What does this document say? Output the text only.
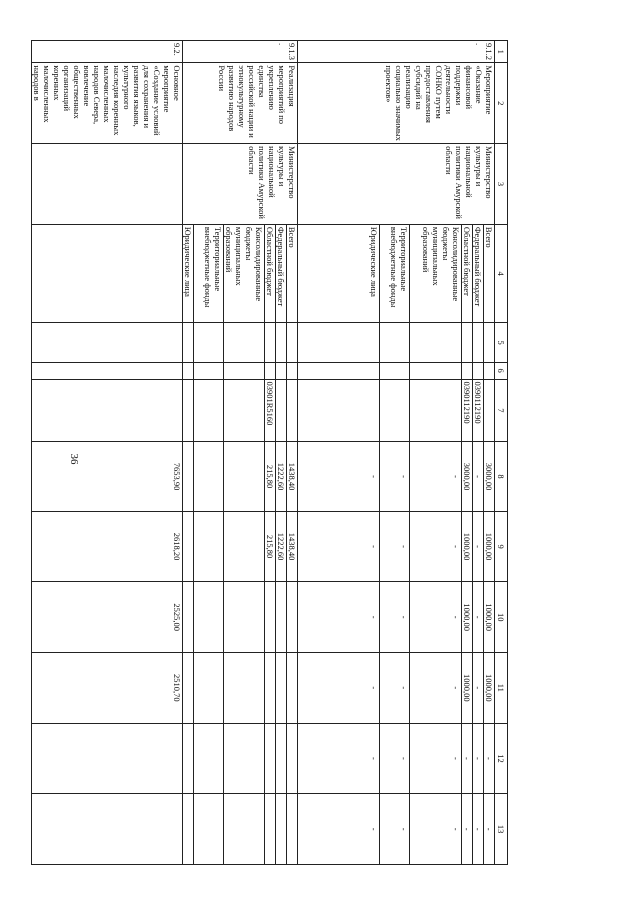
36
1	2	3	4	5	6	7	8	9	10	11	12	13
9.1.2.	Мероприятие «Оказание финансовой поддержки деятельности СОНКО путем предоставления субсидий на реализацию социально значимых проектов»	Министерство культуры и национальной политики Амурской области	Всего				3000,00	1000,00	1000,00	1000,00	-	-
			Федеральный бюджет			0390112190	-	-	-	-	-	-
			Областной бюджет			0390112190	3000,00	1000,00	1000,00	1000,00	-	-
			Консолидированные бюджеты муниципальных образований				-	-	-	-	-	-
			Территориальные внебюджетные фонды				-	-	-	-	-	-
			Юридические лица				-	-	-	-	-	-
9.1.3.	Реализация мероприятий по укреплению единства российской нации и этнокультурному развитию народов России	Министерство культуры и национальной политики Амурской области	Всего				1438,40	1438,40				
			Федеральный бюджет				1222,60	1222,60				
			Областной бюджет			03901R5160	215,80	215,80				
			Консолидированные бюджеты муниципальных образований									
			Территориальные внебюджетные фонды									
			Юридические лица									
9.2.	Основное мероприятие «Создание условий для сохранения и развития языков, культурного наследия коренных малочисленных народов Севера, вовлечение общественных организаций коренных малочисленных народов в						7653,90	2618,20	2525,00	2510,70		
